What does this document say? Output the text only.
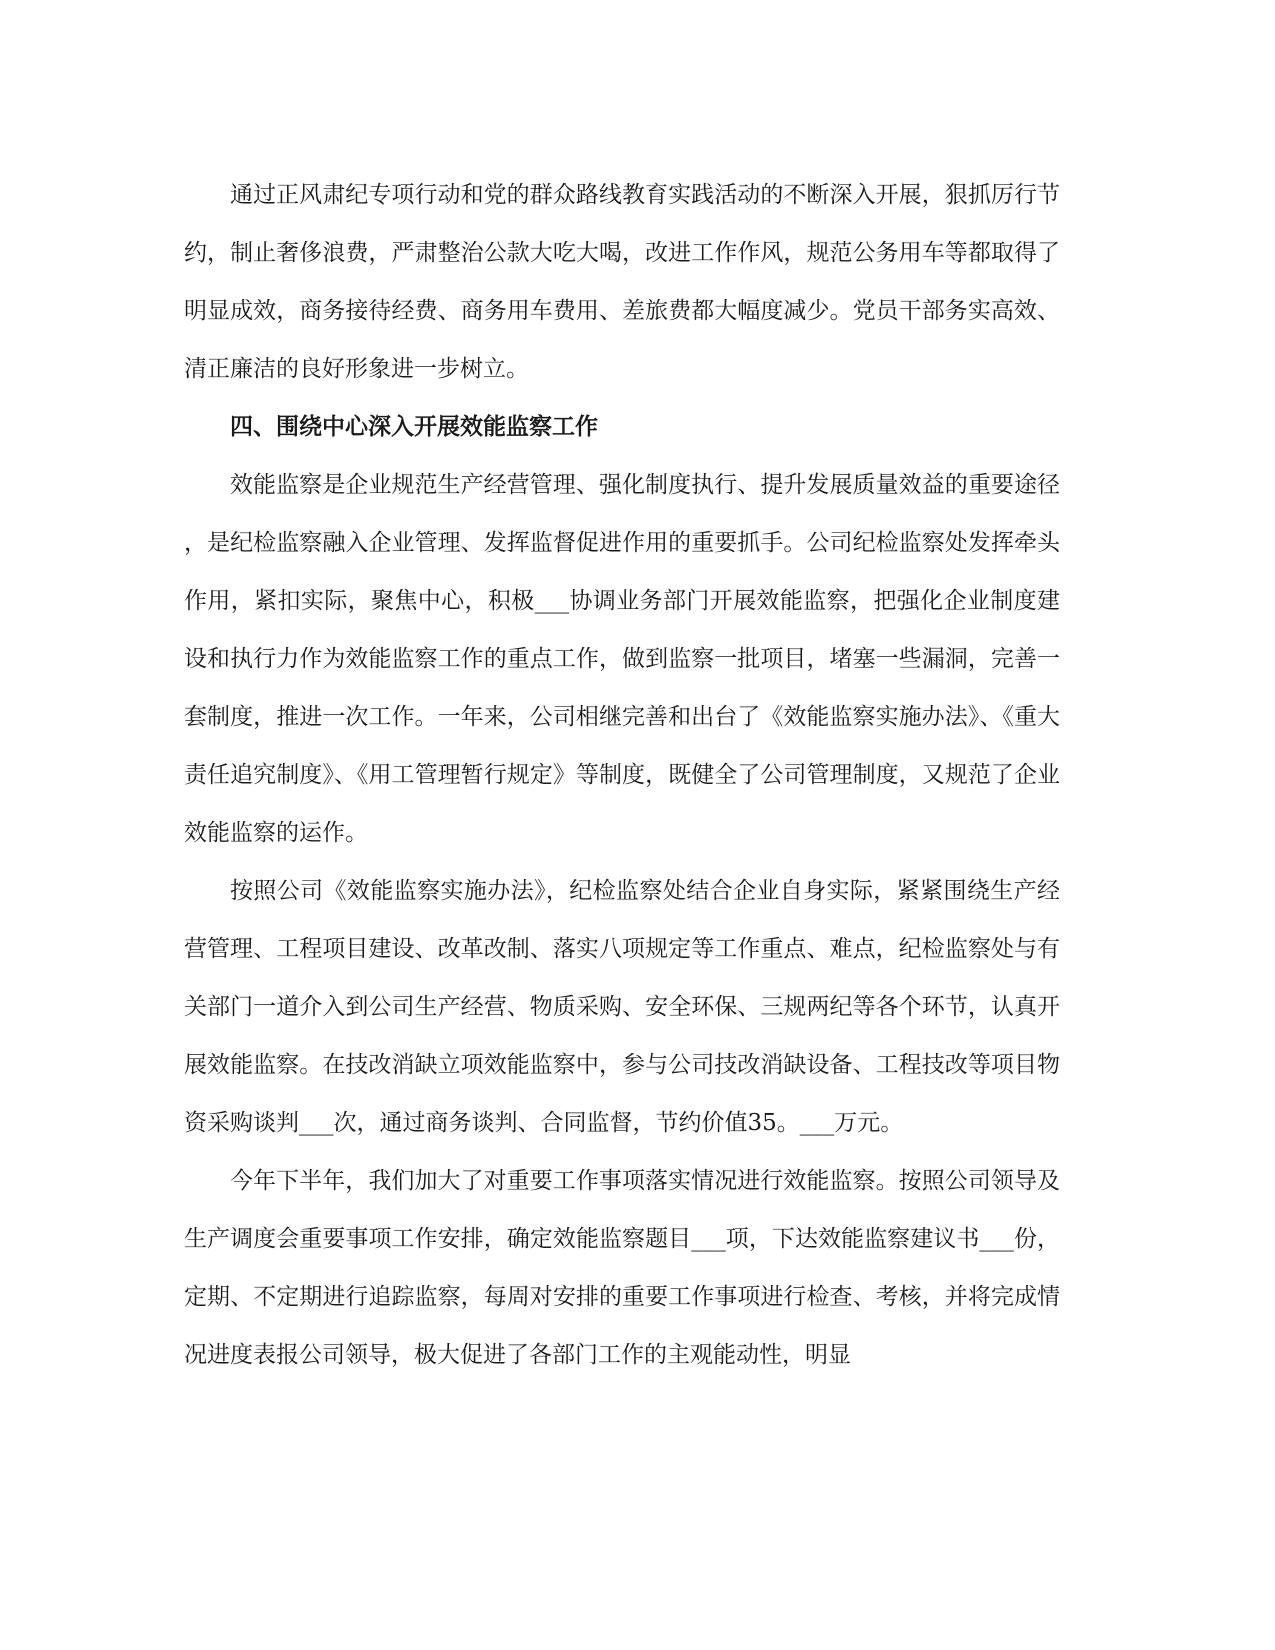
通过正风肃纪专项行动和党的群众路线教育实践活动的不断深入开展，狠抓厉行节约，制止奢侈浪费，严肃整治公款大吃大喝，改进工作作风，规范公务用车等都取得了明显成效，商务接待经费、商务用车费用、差旅费都大幅度减少。党员干部务实高效、清正廉洁的良好形象进一步树立。

四、围绕中心深入开展效能监察工作

效能监察是企业规范生产经营管理、强化制度执行、提升发展质量效益的重要途径，是纪检监察融入企业管理、发挥监督促进作用的重要抓手。公司纪检监察处发挥牵头作用，紧扣实际，聚焦中心，积极___协调业务部门开展效能监察，把强化企业制度建设和执行力作为效能监察工作的重点工作，做到监察一批项目，堵塞一些漏洞，完善一套制度，推进一次工作。一年来，公司相继完善和出台了《效能监察实施办法》、《重大责任追究制度》、《用工管理暂行规定》等制度，既健全了公司管理制度，又规范了企业效能监察的运作。

按照公司《效能监察实施办法》，纪检监察处结合企业自身实际，紧紧围绕生产经营管理、工程项目建设、改革改制、落实八项规定等工作重点、难点，纪检监察处与有关部门一道介入到公司生产经营、物质采购、安全环保、三规两纪等各个环节，认真开展效能监察。在技改消缺立项效能监察中，参与公司技改消缺设备、工程技改等项目物资采购谈判___次，通过商务谈判、合同监督，节约价值35。___万元。

今年下半年，我们加大了对重要工作事项落实情况进行效能监察。按照公司领导及生产调度会重要事项工作安排，确定效能监察题目___项，下达效能监察建议书___份，定期、不定期进行追踪监察，每周对安排的重要工作事项进行检查、考核，并将完成情况进度表报公司领导，极大促进了各部门工作的主观能动性，明显
